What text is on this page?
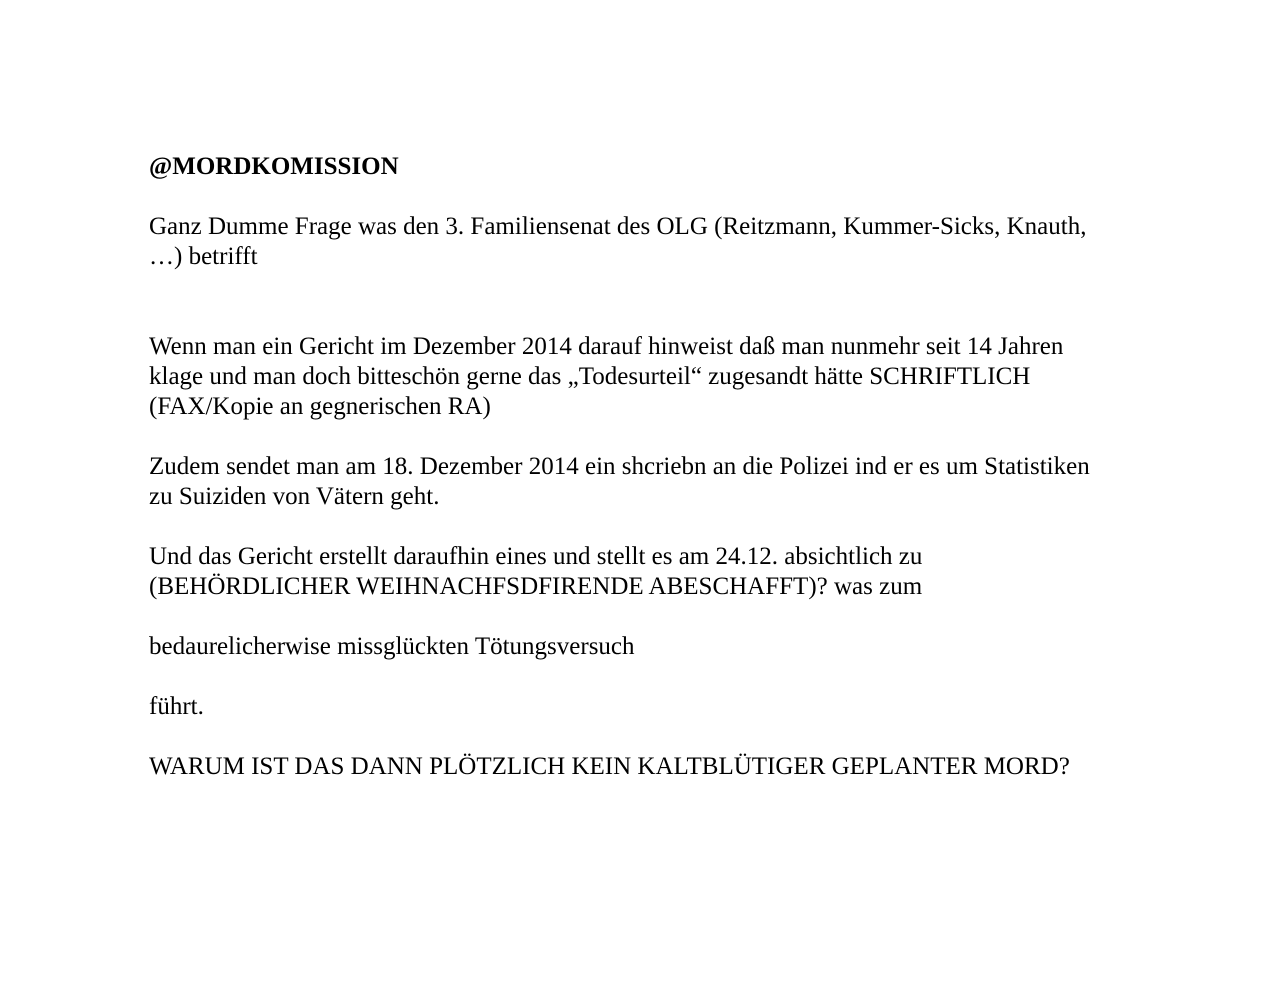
@MORDKOMISSION
Ganz Dumme Frage was den 3. Familiensenat des OLG (Reitzmann, Kummer-Sicks, Knauth,
…) betrifft
Wenn man ein Gericht im Dezember 2014 darauf hinweist daß man nunmehr seit 14 Jahren
klage und man doch bitteschön gerne das „Todesurteil“ zugesandt hätte SCHRIFTLICH
(FAX/Kopie an gegnerischen RA)
Zudem sendet man am 18. Dezember 2014 ein shcriebn an die Polizei ind er es um Statistiken
zu Suiziden von Vätern geht.
Und das Gericht erstellt daraufhin eines und stellt es am 24.12. absichtlich zu
(BEHÖRDLICHER WEIHNACHFSDFIRENDE ABESCHAFFT)? was zum
bedaurelicherwise missglückten Tötungsversuch
führt.
WARUM IST DAS DANN PLÖTZLICH KEIN KALTBLÜTIGER GEPLANTER MORD?
